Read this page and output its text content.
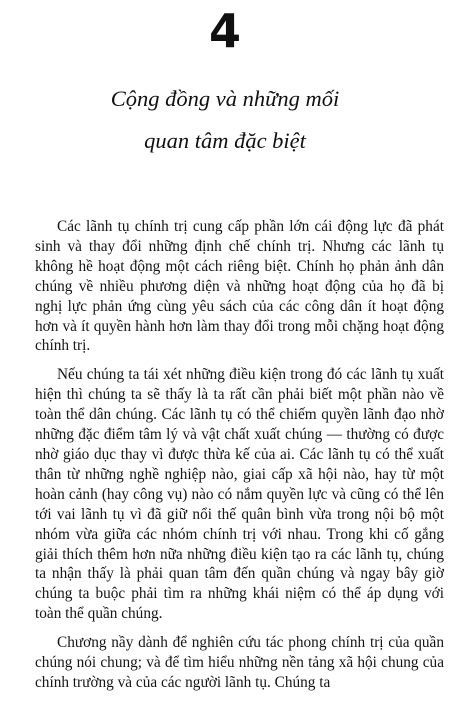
4
Cộng đồng và những mối
quan tâm đặc biệt

Các lãnh tụ chính trị cung cấp phần lớn cái động lực đã phát sinh và thay đổi những định chế chính trị. Nhưng các lãnh tụ không hề hoạt động một cách riêng biệt. Chính họ phản ảnh dân chúng về nhiều phương diện và những hoạt động của họ đã bị nghị lực phản ứng cùng yêu sách của các công dân ít hoạt động hơn và ít quyền hành hơn làm thay đổi trong mỗi chặng hoạt động chính trị.

Nếu chúng ta tái xét những điều kiện trong đó các lãnh tụ xuất hiện thì chúng ta sẽ thấy là ta rất cần phải biết một phần nào về toàn thể dân chúng. Các lãnh tụ có thể chiếm quyền lãnh đạo nhờ những đặc điểm tâm lý và vật chất xuất chúng — thường có được nhờ giáo dục thay vì được thừa kế của ai. Các lãnh tụ có thể xuất thân từ những nghề nghiệp nào, giai cấp xã hội nào, hay từ một hoàn cảnh (hay công vụ) nào có nắm quyền lực và cũng có thể lên tới vai lãnh tụ vì đã giữ nổi thế quân bình vừa trong nội bộ một nhóm vừa giữa các nhóm chính trị với nhau. Trong khi cố gắng giải thích thêm hơn nữa những điều kiện tạo ra các lãnh tụ, chúng ta nhận thấy là phải quan tâm đến quần chúng và ngay bây giờ chúng ta buộc phải tìm ra những khái niệm có thể áp dụng với toàn thể quần chúng.

Chương nầy dành để nghiên cứu tác phong chính trị của quần chúng nói chung; và để tìm hiểu những nền tảng xã hội chung của chính trường và của các người lãnh tụ. Chúng ta
